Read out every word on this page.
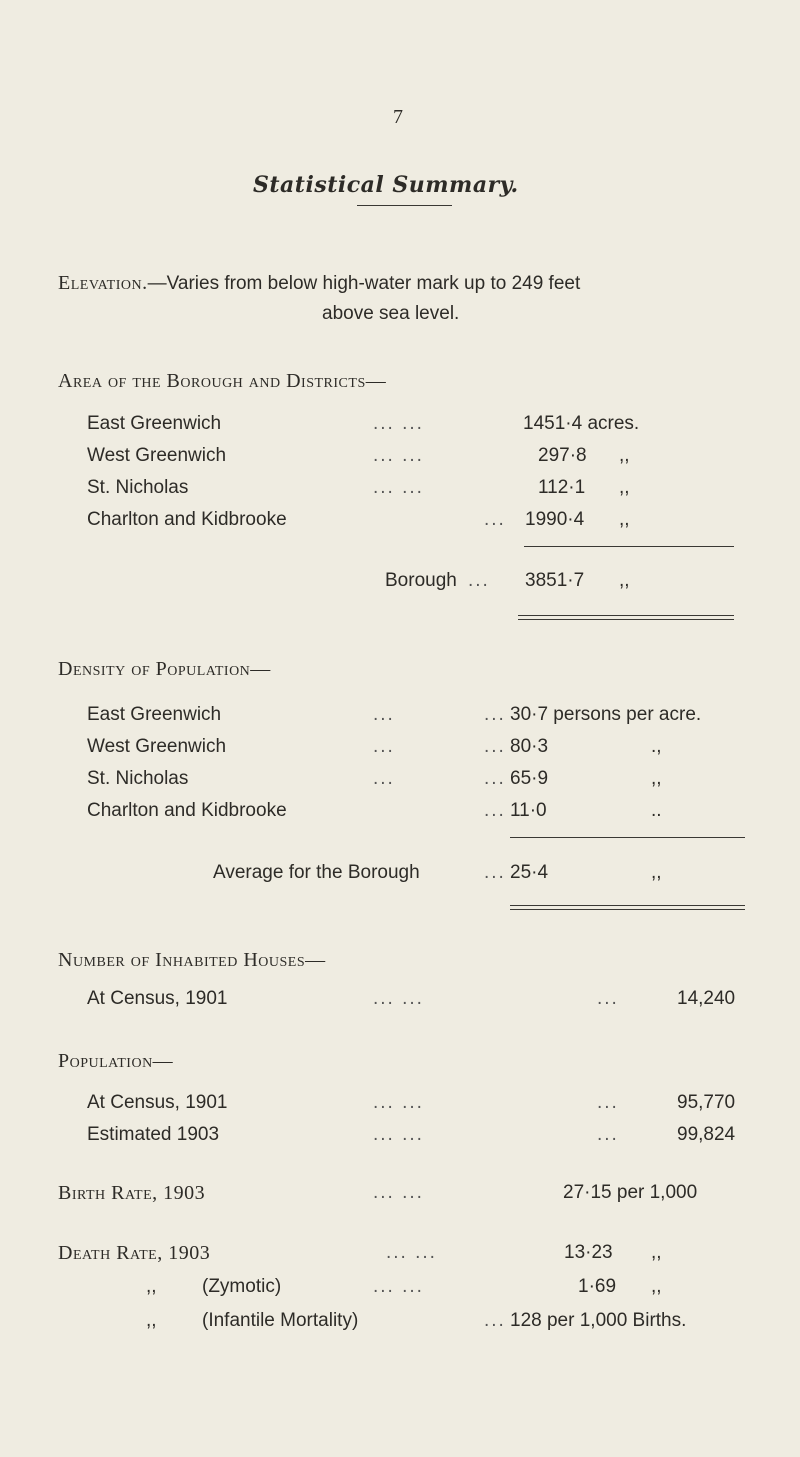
7
Statistical Summary.
Elevation.—Varies from below high-water mark up to 249 feet
above sea level.
Area of the Borough and Districts—
East Greenwich	... ...	1451·4 acres.
West Greenwich	... ...	297·8 ,,
St. Nicholas	... ...	112·1 ,,
Charlton and Kidbrooke	... 1990·4 ,,
Borough ... 3851·7 ,,
Density of Population—
East Greenwich	...	... 30·7 persons per acre.
West Greenwich	...	... 80·3	.,
St. Nicholas	...	... 65·9	,,
Charlton and Kidbrooke	... 11·0	..
Average for the Borough	... 25·4	,,
Number of Inhabited Houses—
At Census, 1901	... ...	...	14,240
Population—
At Census, 1901	... ...	...	95,770
Estimated 1903	... ...	...	99,824
Birth Rate, 1903	... ...	27·15 per 1,000
Death Rate, 1903	... ...	13·23 ,,
,, (Zymotic)	... ...	1·69 ,,
,, (Infantile Mortality)	... 128 per 1,000 Births.
